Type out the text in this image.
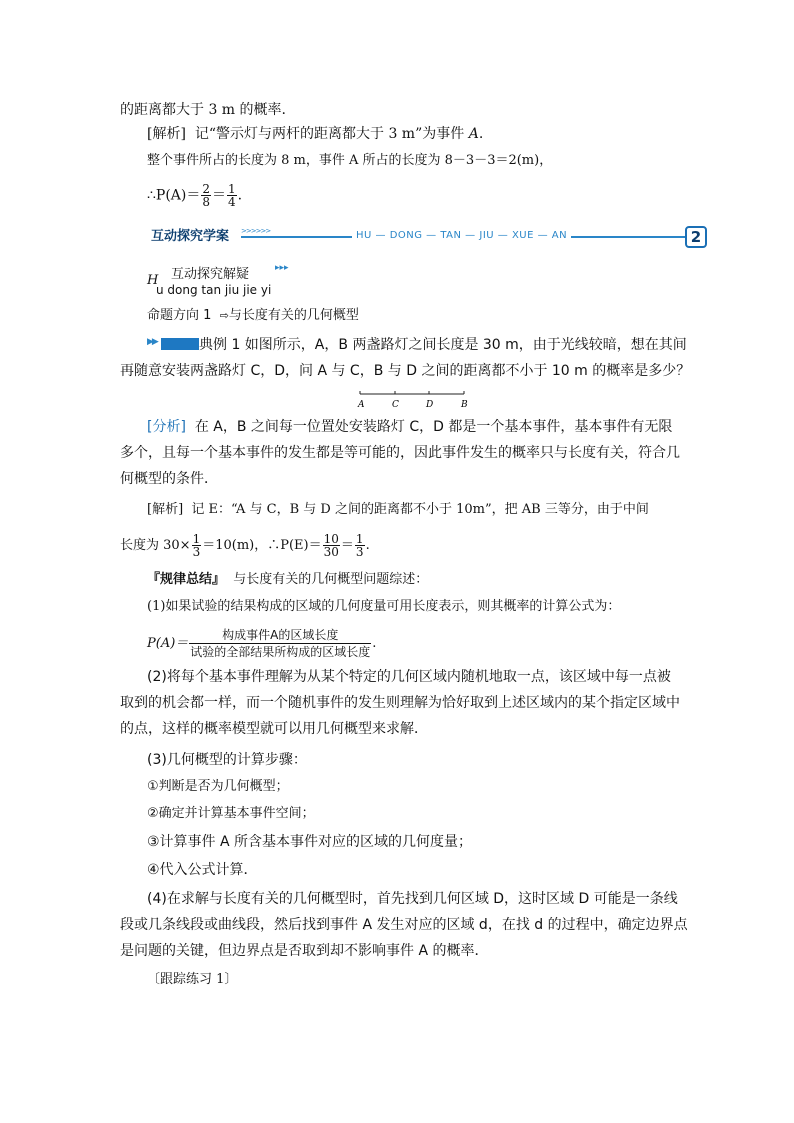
的距离都大于 3 m 的概率.
[解析] 记“警示灯与两杆的距离都大于 3 m”为事件 A.
整个事件所占的长度为 8 m，事件 A 所占的长度为 8－3－3＝2(m)，
∴P(A)＝ $\frac{2}{8} = \frac{1}{4}$ .
互动探究学案	>>>>>>	HU — DONG — TAN — JIU — XUE — AN	2
H 互动探究解疑
u dong tan jiu jie yi
▸▸▸
命题方向 1 ⇨与长度有关的几何概型
▶▶	典例 1 如图所示，A，B 两盏路灯之间长度是 30 m，由于光线较暗，想在其间
再随意安装两盏路灯 C，D，问 A 与 C，B 与 D 之间的距离都不小于 10 m 的概率是多少？
A	C	D	B
[分析] 在 A，B 之间每一位置处安装路灯 C，D 都是一个基本事件，基本事件有无限
多个，且每一个基本事件的发生都是等可能的，因此事件发生的概率只与长度有关，符合几
何概型的条件．
[解析] 记 E：“A 与 C，B 与 D 之间的距离都不小于 10m”，把 AB 三等分，由于中间
长度为 $30\times \frac{1}{3} =10(m)$，∴P(E)＝ $\frac{10}{30} = \frac{1}{3}$ .
『规律总结』 与长度有关的几何概型问题综述：
(1)如果试验的结果构成的区域的几何度量可用长度表示，则其概率的计算公式为：
$P(A)= \frac{\text{构成事件A的区域长度}}{\text{试验的全部结果所构成的区域长度}}$ .
(2)将每个基本事件理解为从某个特定的几何区域内随机地取一点，该区域中每一点被
取到的机会都一样，而一个随机事件的发生则理解为恰好取到上述区域内的某个指定区域中
的点，这样的概率模型就可以用几何概型来求解．
(3)几何概型的计算步骤：
①判断是否为几何概型；
②确定并计算基本事件空间；
③计算事件 A 所含基本事件对应的区域的几何度量；
④代入公式计算．
(4)在求解与长度有关的几何概型时，首先找到几何区域 D，这时区域 D 可能是一条线
段或几条线段或曲线段，然后找到事件 A 发生对应的区域 d，在找 d 的过程中，确定边界点
是问题的关键，但边界点是否取到却不影响事件 A 的概率．
〔跟踪练习 1〕
